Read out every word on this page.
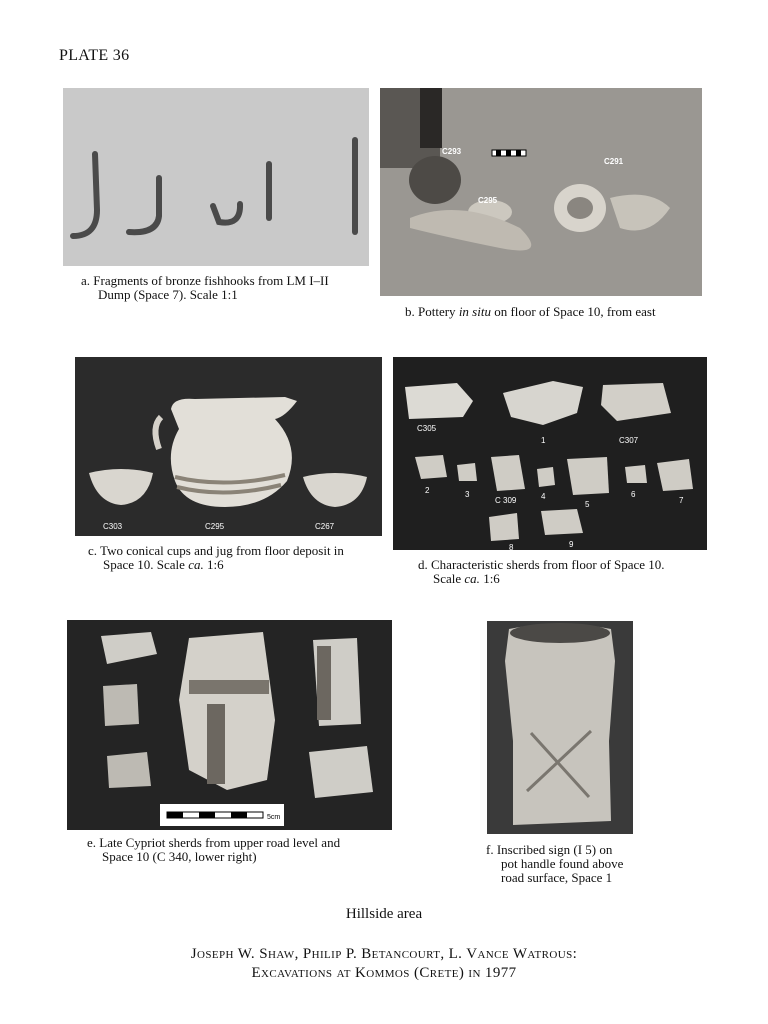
PLATE 36
a. Fragments of bronze fishhooks from LM I–II
Dump (Space 7). Scale 1:1
C293
C295
C291
b. Pottery in situ on floor of Space 10, from east
C303	C295	C267
c. Two conical cups and jug from floor deposit in
Space 10. Scale ca. 1:6
C305
1	C307
2	3
C 309	4
5
6
7
8	9
d. Characteristic sherds from floor of Space 10.
Scale ca. 1:6
5cm
e. Late Cypriot sherds from upper road level and
Space 10 (C 340, lower right)	f. Inscribed sign (I 5) on
pot handle found above
road surface, Space 1
Hillside area
Joseph W. Shaw, Philip P. Betancourt, L. Vance Watrous:
Excavations at Kommos (Crete) in 1977
